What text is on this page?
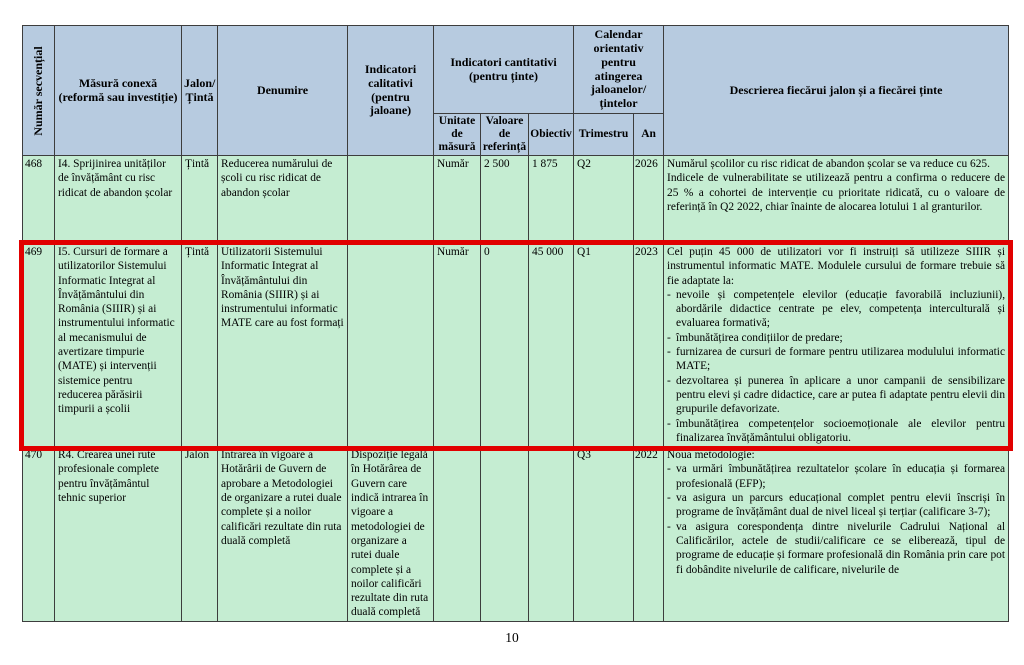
Număr secvențial	Măsură conexă (reformă sau investiție)	Jalon/ Țintă	Denumire	Indicatori calitativi (pentru jaloane)	Indicatori cantitativi (pentru ținte)			Calendar orientativ pentru atingerea jaloanelor/ țintelor		Descrierea fiecărui jalon și a fiecărei ținte
					Unitate de măsură	Valoare de referință	Obiectiv	Trimestru	An	
468	I4. Sprijinirea unităților de învățământ cu risc ridicat de abandon școlar	Țintă	Reducerea numărului de școli cu risc ridicat de abandon școlar		Număr	2 500	1 875	Q2	2026	Numărul școlilor cu risc ridicat de abandon școlar se va reduce cu 625.
Indicele de vulnerabilitate se utilizează pentru a confirma o reducere de 25 % a cohortei de intervenție cu prioritate ridicată, cu o valoare de referință în Q2 2022, chiar înainte de alocarea lotului 1 al granturilor.

469	I5. Cursuri de formare a utilizatorilor Sistemului Informatic Integrat al Învățământului din România (SIIIR) și ai instrumentului informatic al mecanismului de avertizare timpurie (MATE) și intervenții sistemice pentru reducerea părăsirii timpurii a școlii	Țintă	Utilizatorii Sistemului Informatic Integrat al Învățământului din România (SIIIR) și ai instrumentului informatic MATE care au fost formați		Număr	0	45 000	Q1	2023	Cel puțin 45 000 de utilizatori vor fi instruiți să utilizeze SIIIR și instrumentul informatic MATE. Modulele cursului de formare trebuie să fie adaptate la:
- nevoile și competențele elevilor (educație favorabilă incluziunii), abordările didactice centrate pe elev, competența interculturală și evaluarea formativă;
- îmbunătățirea condițiilor de predare;
- furnizarea de cursuri de formare pentru utilizarea modulului informatic MATE;
- dezvoltarea și punerea în aplicare a unor campanii de sensibilizare pentru elevi și cadre didactice, care ar putea fi adaptate pentru elevii din grupurile defavorizate.
- îmbunătățirea competențelor socioemoționale ale elevilor pentru finalizarea învățământului obligatoriu.

470	R4. Crearea unei rute profesionale complete pentru învățământul tehnic superior	Jalon	Intrarea în vigoare a Hotărârii de Guvern de aprobare a Metodologiei de organizare a rutei duale complete și a noilor calificări rezultate din ruta duală completă	Dispoziție legală în Hotărârea de Guvern care indică intrarea în vigoare a metodologiei de organizare a rutei duale complete și a noilor calificări rezultate din ruta duală completă				Q3	2022	Noua metodologie:
- va urmări îmbunătățirea rezultatelor școlare în educația și formarea profesională (EFP);
- va asigura un parcurs educațional complet pentru elevii înscriși în programe de învățământ dual de nivel liceal și terțiar (calificare 3-7);
- va asigura corespondența dintre nivelurile Cadrului Național al Calificărilor, actele de studii/calificare ce se eliberează, tipul de programe de educație și formare profesională din România prin care pot fi dobândite nivelurile de calificare, nivelurile de
10
